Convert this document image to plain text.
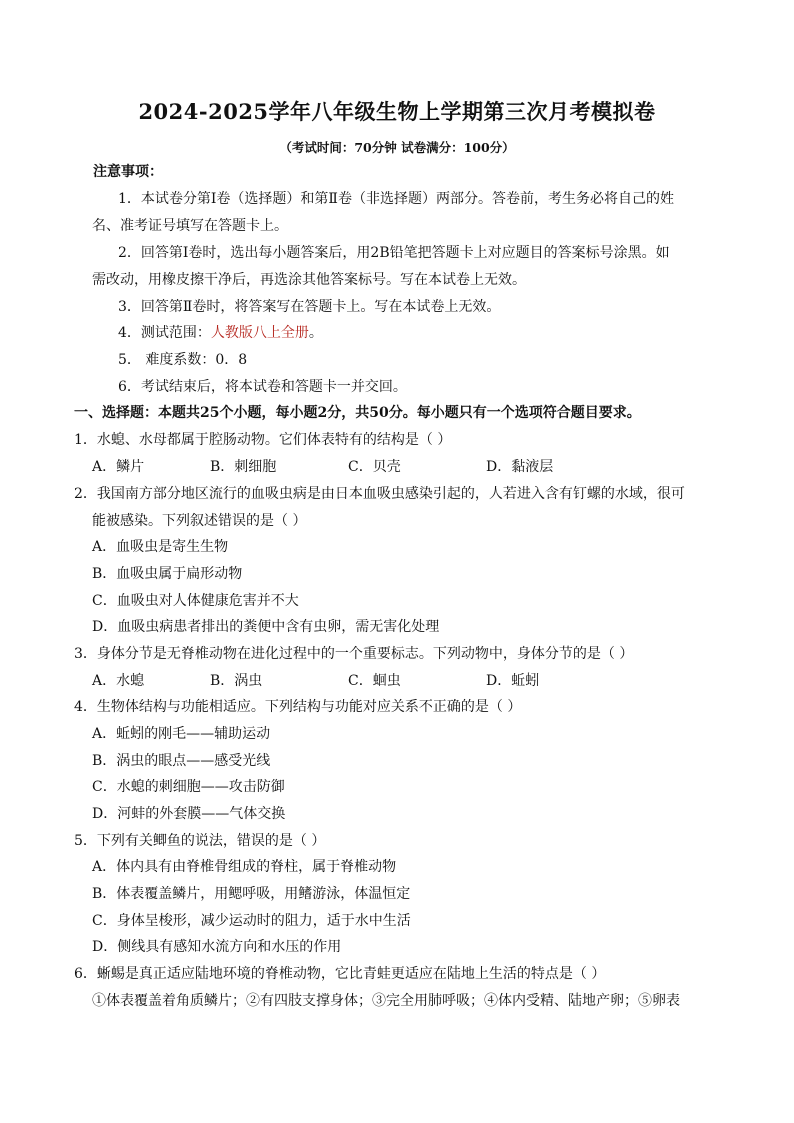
2024-2025学年八年级生物上学期第三次月考模拟卷
（考试时间：70分钟 试卷满分：100分）
注意事项：
1．本试卷分第Ⅰ卷（选择题）和第Ⅱ卷（非选择题）两部分。答卷前，考生务必将自己的姓
名、准考证号填写在答题卡上。
2．回答第Ⅰ卷时，选出每小题答案后，用2B铅笔把答题卡上对应题目的答案标号涂黑。如
需改动，用橡皮擦干净后，再选涂其他答案标号。写在本试卷上无效。
3．回答第Ⅱ卷时，将答案写在答题卡上。写在本试卷上无效。
4．测试范围：人教版八上全册。
5． 难度系数：0．8
6．考试结束后，将本试卷和答题卡一并交回。
一、选择题：本题共25个小题，每小题2分，共50分。每小题只有一个选项符合题目要求。
1．水螅、水母都属于腔肠动物。它们体表特有的结构是（ ）
A．鳞片	B．刺细胞	C．贝壳	D．黏液层
2．我国南方部分地区流行的血吸虫病是由日本血吸虫感染引起的，人若进入含有钉螺的水域，很可
能被感染。下列叙述错误的是（ ）
A．血吸虫是寄生生物
B．血吸虫属于扁形动物
C．血吸虫对人体健康危害并不大
D．血吸虫病患者排出的粪便中含有虫卵，需无害化处理
3．身体分节是无脊椎动物在进化过程中的一个重要标志。下列动物中，身体分节的是（ ）
A．水螅	B．涡虫	C．蛔虫	D．蚯蚓
4．生物体结构与功能相适应。下列结构与功能对应关系不正确的是（ ）
A．蚯蚓的刚毛——辅助运动
B．涡虫的眼点——感受光线
C．水螅的刺细胞——攻击防御
D．河蚌的外套膜——气体交换
5．下列有关鲫鱼的说法，错误的是（ ）
A．体内具有由脊椎骨组成的脊柱，属于脊椎动物
B．体表覆盖鳞片，用鳃呼吸，用鳍游泳，体温恒定
C．身体呈梭形，减少运动时的阻力，适于水中生活
D．侧线具有感知水流方向和水压的作用
6．蜥蜴是真正适应陆地环境的脊椎动物，它比青蛙更适应在陆地上生活的特点是（ ）
①体表覆盖着角质鳞片；②有四肢支撑身体；③完全用肺呼吸；④体内受精、陆地产卵；⑤卵表
